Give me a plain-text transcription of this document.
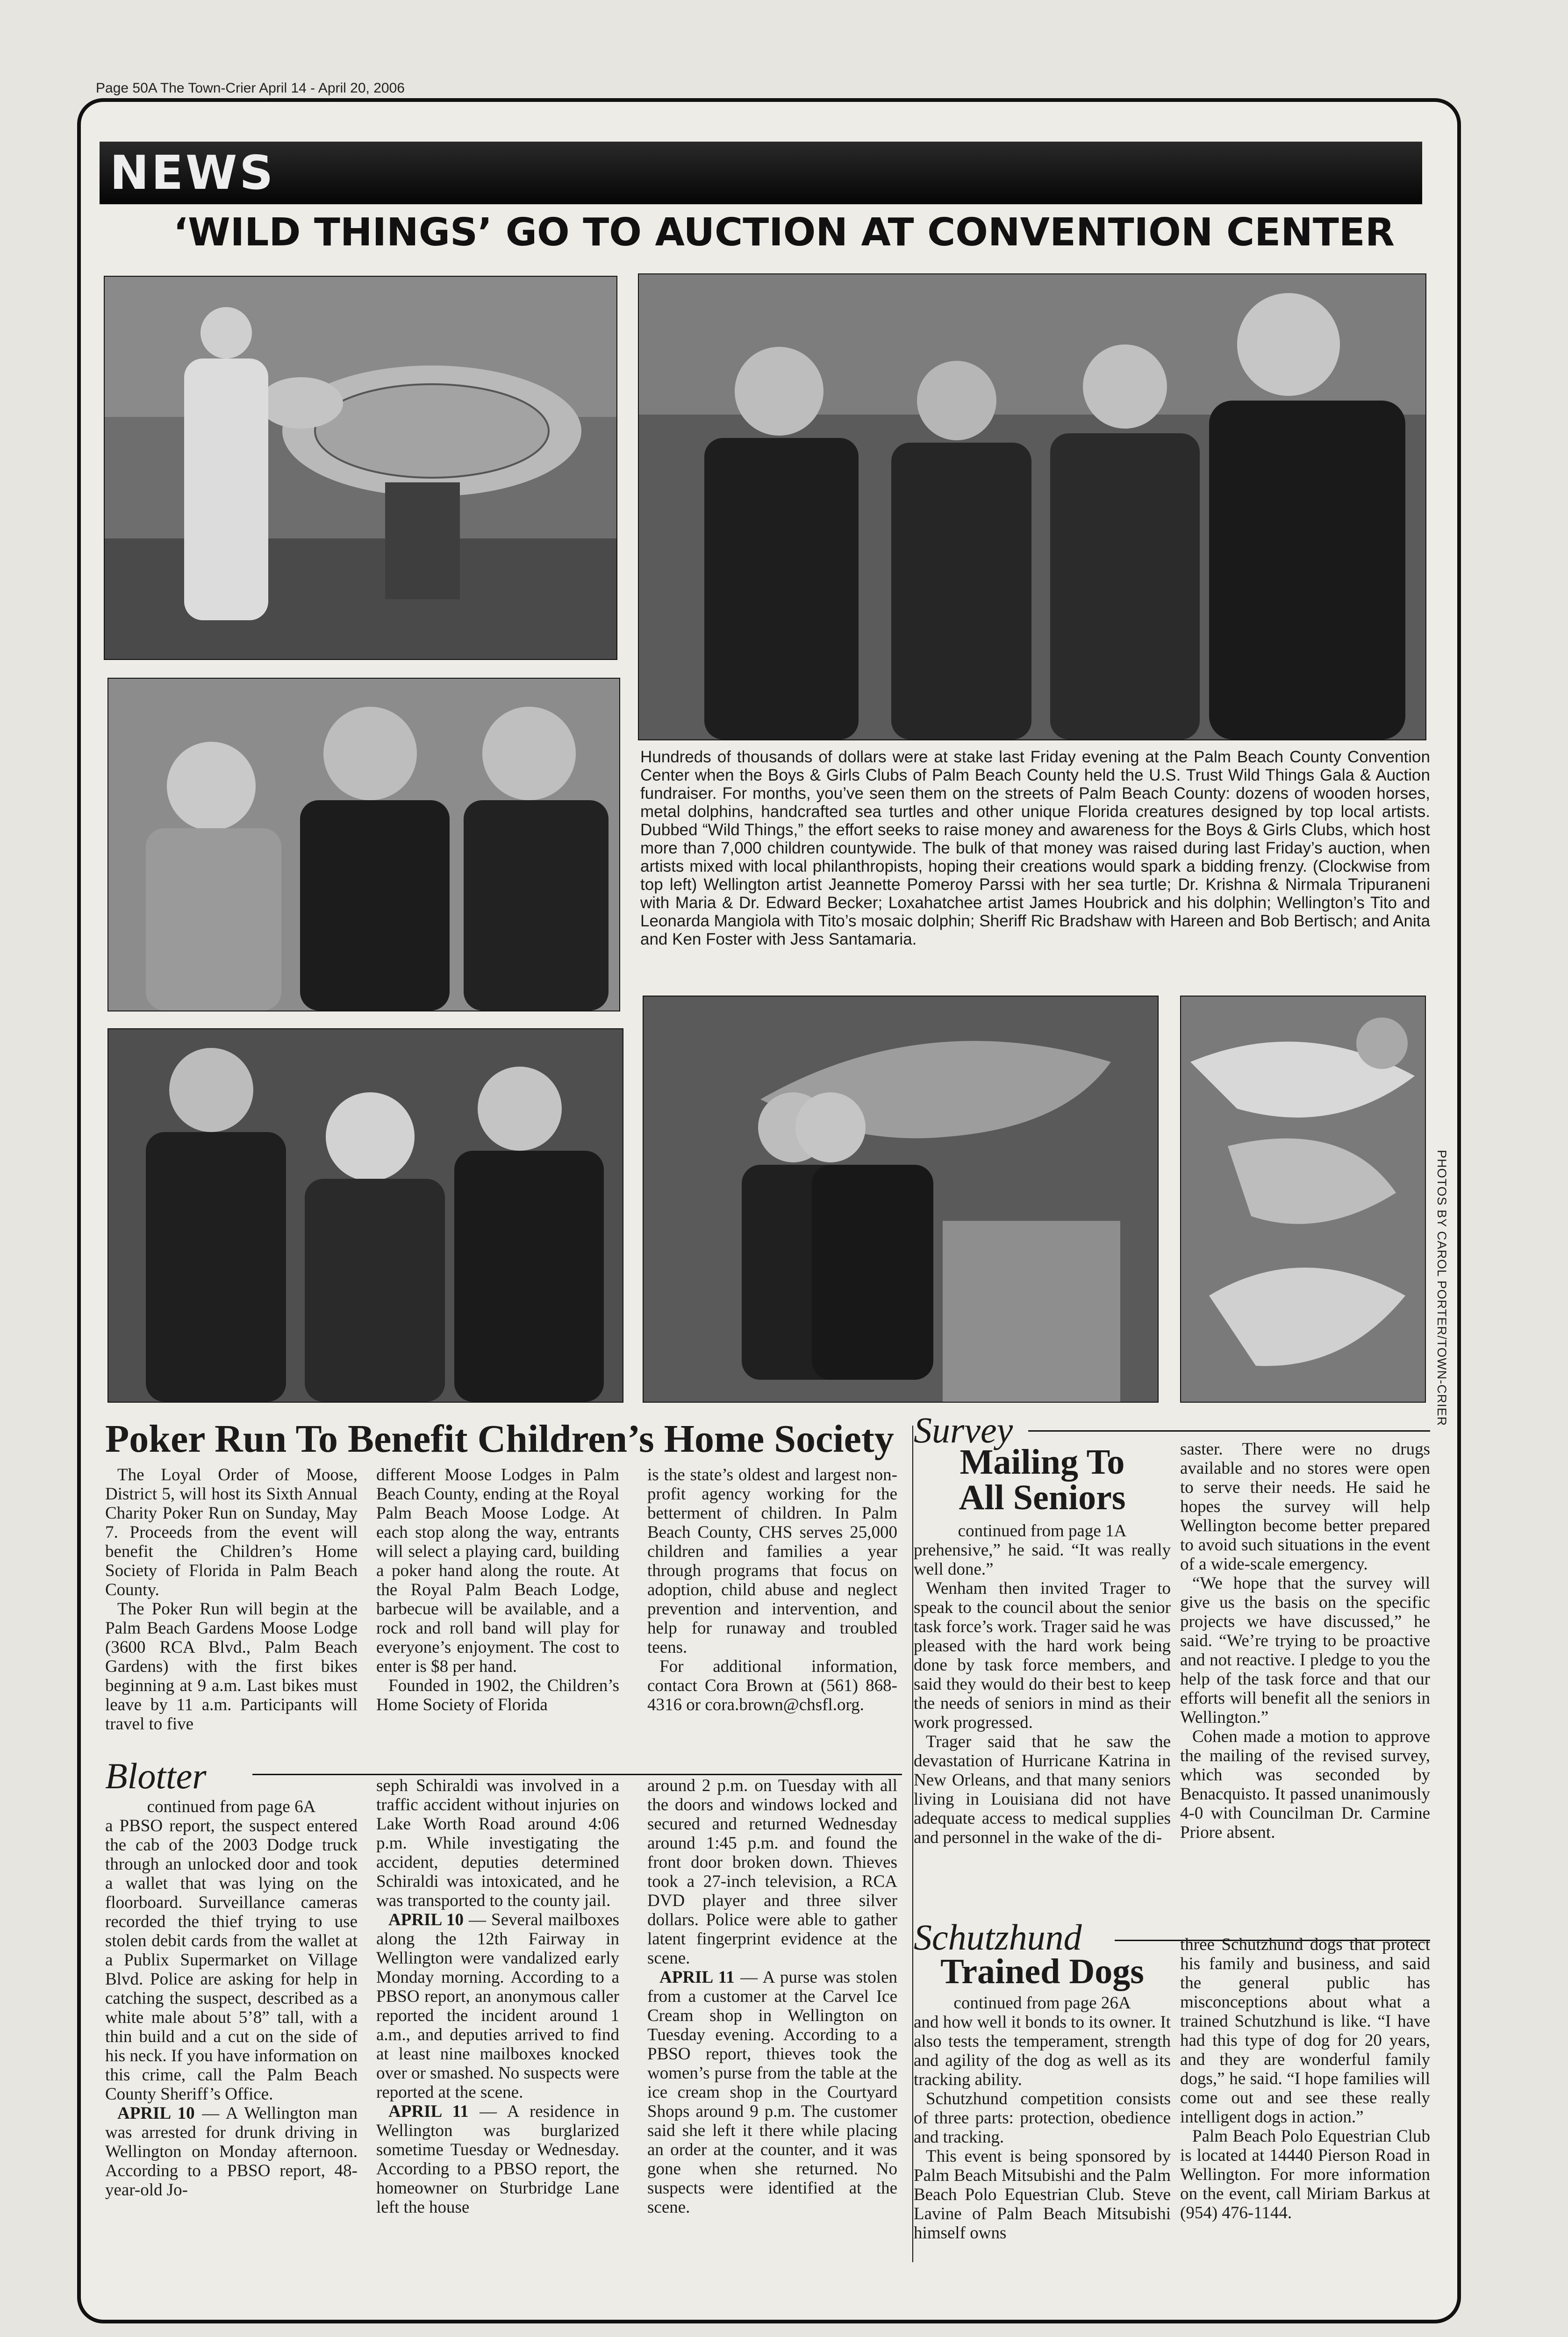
Page 50A The Town-Crier April 14 - April 20, 2006
NEWS
‘WILD THINGS’ GO TO AUCTION AT CONVENTION CENTER
Hundreds of thousands of dollars were at stake last Friday evening at the Palm Beach County Convention Center when the Boys & Girls Clubs of Palm Beach County held the U.S. Trust Wild Things Gala & Auction fundraiser. For months, you’ve seen them on the streets of Palm Beach County: dozens of wooden horses, metal dolphins, handcrafted sea turtles and other unique Florida creatures designed by top local artists. Dubbed “Wild Things,” the effort seeks to raise money and awareness for the Boys & Girls Clubs, which host more than 7,000 children countywide. The bulk of that money was raised during last Friday’s auction, when artists mixed with local philanthropists, hoping their creations would spark a bidding frenzy. (Clockwise from top left) Wellington artist Jeannette Pomeroy Parssi with her sea turtle; Dr. Krishna & Nirmala Tripuraneni with Maria & Dr. Edward Becker; Loxahatchee artist James Houbrick and his dolphin; Wellington’s Tito and Leonarda Mangiola with Tito’s mosaic dolphin; Sheriff Ric Bradshaw with Hareen and Bob Bertisch; and Anita and Ken Foster with Jess Santamaria.
PHOTOS BY CAROL PORTER/TOWN-CRIER
Poker Run To Benefit Children’s Home Society

The Loyal Order of Moose, District 5, will host its Sixth Annual Charity Poker Run on Sunday, May 7. Proceeds from the event will benefit the Children’s Home Society of Florida in Palm Beach County.

The Poker Run will begin at the Palm Beach Gardens Moose Lodge (3600 RCA Blvd., Palm Beach Gardens) with the first bikes beginning at 9 a.m. Last bikes must leave by 11 a.m. Participants will travel to five

different Moose Lodges in Palm Beach County, ending at the Royal Palm Beach Moose Lodge. At each stop along the way, entrants will select a playing card, building a poker hand along the route. At the Royal Palm Beach Lodge, barbecue will be available, and a rock and roll band will play for everyone’s enjoyment. The cost to enter is $8 per hand.

Founded in 1902, the Children’s Home Society of Florida

is the state’s oldest and largest non-profit agency working for the betterment of children. In Palm Beach County, CHS serves 25,000 children and families a year through programs that focus on adoption, child abuse and neglect prevention and intervention, and help for runaway and troubled teens.

For additional information, contact Cora Brown at (561) 868-4316 or cora.brown@chsfl.org.

Blotter

continued from page 6A

a PBSO report, the suspect entered the cab of the 2003 Dodge truck through an unlocked door and took a wallet that was lying on the floorboard. Surveillance cameras recorded the thief trying to use stolen debit cards from the wallet at a Publix Supermarket on Village Blvd. Police are asking for help in catching the suspect, described as a white male about 5’8” tall, with a thin build and a cut on the side of his neck. If you have information on this crime, call the Palm Beach County Sheriff’s Office.

APRIL 10 — A Wellington man was arrested for drunk driving in Wellington on Monday afternoon. According to a PBSO report, 48-year-old Jo-

seph Schiraldi was involved in a traffic accident without injuries on Lake Worth Road around 4:06 p.m. While investigating the accident, deputies determined Schiraldi was intoxicated, and he was transported to the county jail.

APRIL 10 — Several mailboxes along the 12th Fairway in Wellington were vandalized early Monday morning. According to a PBSO report, an anonymous caller reported the incident around 1 a.m., and deputies arrived to find at least nine mailboxes knocked over or smashed. No suspects were reported at the scene.

APRIL 11 — A residence in Wellington was burglarized sometime Tuesday or Wednesday. According to a PBSO report, the homeowner on Sturbridge Lane left the house

around 2 p.m. on Tuesday with all the doors and windows locked and secured and returned Wednesday around 1:45 p.m. and found the front door broken down. Thieves took a 27-inch television, a RCA DVD player and three silver dollars. Police were able to gather latent fingerprint evidence at the scene.

APRIL 11 — A purse was stolen from a customer at the Carvel Ice Cream shop in Wellington on Tuesday evening. According to a PBSO report, thieves took the women’s purse from the table at the ice cream shop in the Courtyard Shops around 9 p.m. The customer said she left it there while placing an order at the counter, and it was gone when she returned. No suspects were identified at the scene.

Survey
Mailing To
All Seniors

continued from page 1A

prehensive,” he said. “It was really well done.”

Wenham then invited Trager to speak to the council about the senior task force’s work. Trager said he was pleased with the hard work being done by task force members, and said they would do their best to keep the needs of seniors in mind as their work progressed.

Trager said that he saw the devastation of Hurricane Katrina in New Orleans, and that many seniors living in Louisiana did not have adequate access to medical supplies and personnel in the wake of the di-

saster. There were no drugs available and no stores were open to serve their needs. He said he hopes the survey will help Wellington become better prepared to avoid such situations in the event of a wide-scale emergency.

“We hope that the survey will give us the basis on the specific projects we have discussed,” he said. “We’re trying to be proactive and not reactive. I pledge to you the help of the task force and that our efforts will benefit all the seniors in Wellington.”

Cohen made a motion to approve the mailing of the revised survey, which was seconded by Benacquisto. It passed unanimously 4-0 with Councilman Dr. Carmine Priore absent.

Schutzhund
Trained Dogs

continued from page 26A

and how well it bonds to its owner. It also tests the temperament, strength and agility of the dog as well as its tracking ability.

Schutzhund competition consists of three parts: protection, obedience and tracking.

This event is being sponsored by Palm Beach Mitsubishi and the Palm Beach Polo Equestrian Club. Steve Lavine of Palm Beach Mitsubishi himself owns

three Schutzhund dogs that protect his family and business, and said the general public has misconceptions about what a trained Schutzhund is like. “I have had this type of dog for 20 years, and they are wonderful family dogs,” he said. “I hope families will come out and see these really intelligent dogs in action.”

Palm Beach Polo Equestrian Club is located at 14440 Pierson Road in Wellington. For more information on the event, call Miriam Barkus at (954) 476-1144.
